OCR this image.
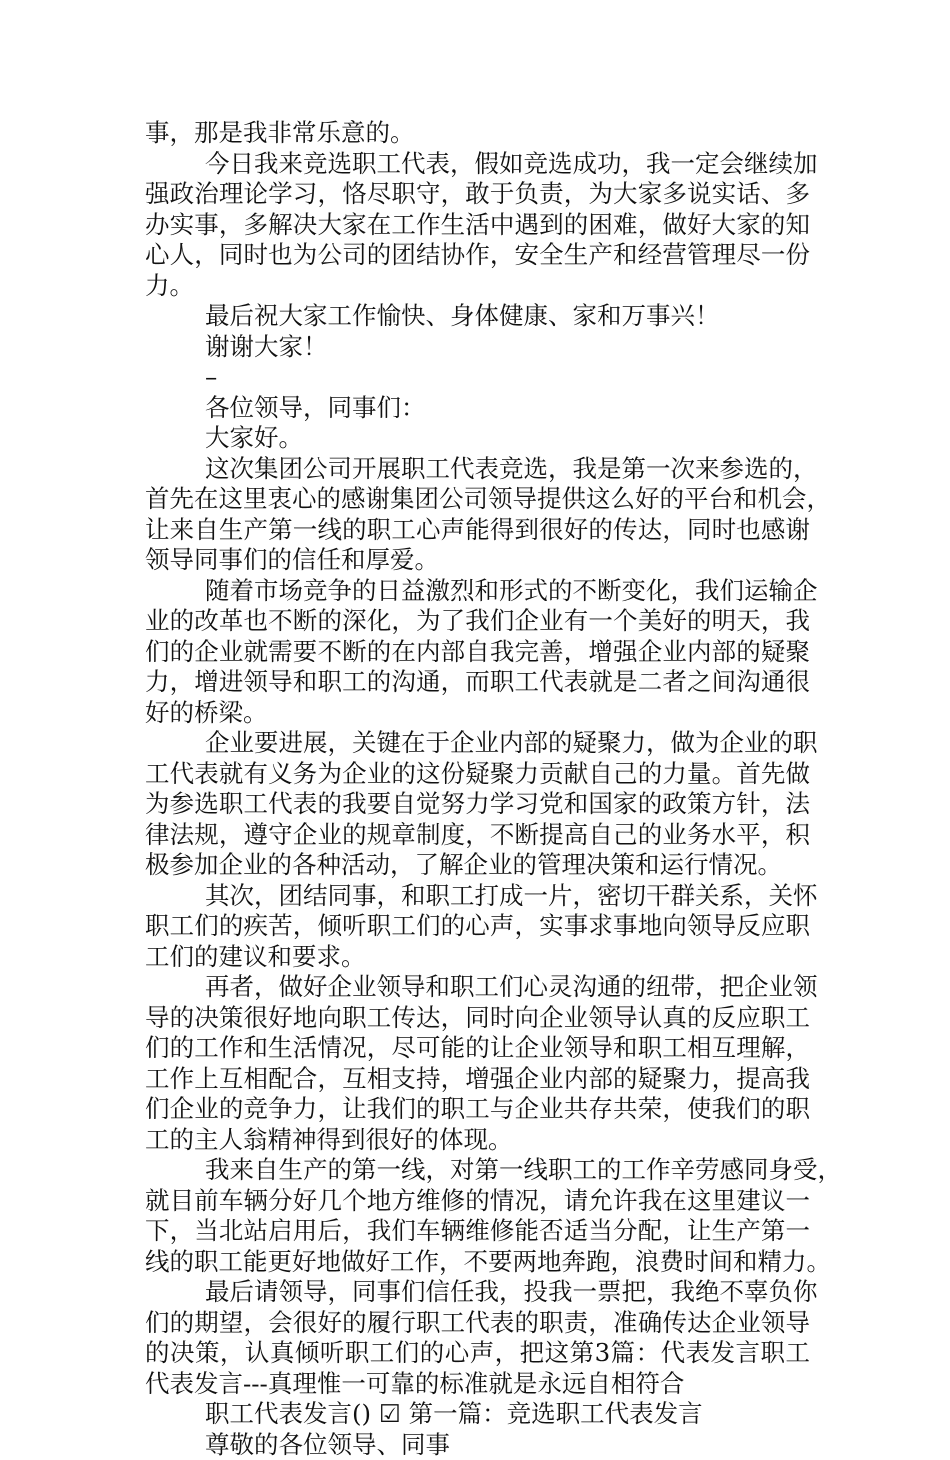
事，那是我非常乐意的。
今日我来竞选职工代表，假如竞选成功，我一定会继续加
强政治理论学习，恪尽职守，敢于负责，为大家多说实话、多
办实事，多解决大家在工作生活中遇到的困难，做好大家的知
心人，同时也为公司的团结协作，安全生产和经营管理尽一份
力。
最后祝大家工作愉快、身体健康、家和万事兴！
谢谢大家！
–
各位领导，同事们：
大家好。
这次集团公司开展职工代表竞选，我是第一次来参选的，
首先在这里衷心的感谢集团公司领导提供这么好的平台和机会，
让来自生产第一线的职工心声能得到很好的传达，同时也感谢
领导同事们的信任和厚爱。
随着市场竞争的日益激烈和形式的不断变化，我们运输企
业的改革也不断的深化，为了我们企业有一个美好的明天，我
们的企业就需要不断的在内部自我完善，增强企业内部的疑聚
力，增进领导和职工的沟通，而职工代表就是二者之间沟通很
好的桥梁。
企业要进展，关键在于企业内部的疑聚力，做为企业的职
工代表就有义务为企业的这份疑聚力贡献自己的力量。首先做
为参选职工代表的我要自觉努力学习党和国家的政策方针，法
律法规，遵守企业的规章制度，不断提高自己的业务水平，积
极参加企业的各种活动，了解企业的管理决策和运行情况。
其次，团结同事，和职工打成一片，密切干群关系，关怀
职工们的疾苦，倾听职工们的心声，实事求事地向领导反应职
工们的建议和要求。
再者，做好企业领导和职工们心灵沟通的纽带，把企业领
导的决策很好地向职工传达，同时向企业领导认真的反应职工
们的工作和生活情况，尽可能的让企业领导和职工相互理解，
工作上互相配合，互相支持，增强企业内部的疑聚力，提高我
们企业的竞争力，让我们的职工与企业共存共荣，使我们的职
工的主人翁精神得到很好的体现。
我来自生产的第一线，对第一线职工的工作辛劳感同身受，
就目前车辆分好几个地方维修的情况，请允许我在这里建议一
下，当北站启用后，我们车辆维修能否适当分配，让生产第一
线的职工能更好地做好工作，不要两地奔跑，浪费时间和精力。
最后请领导，同事们信任我，投我一票把，我绝不辜负你
们的期望，会很好的履行职工代表的职责，准确传达企业领导
的决策，认真倾听职工们的心声，把这第3篇：代表发言职工
代表发言---真理惟一可靠的标准就是永远自相符合
职工代表发言() ☑ 第一篇：竞选职工代表发言
尊敬的各位领导、同事
